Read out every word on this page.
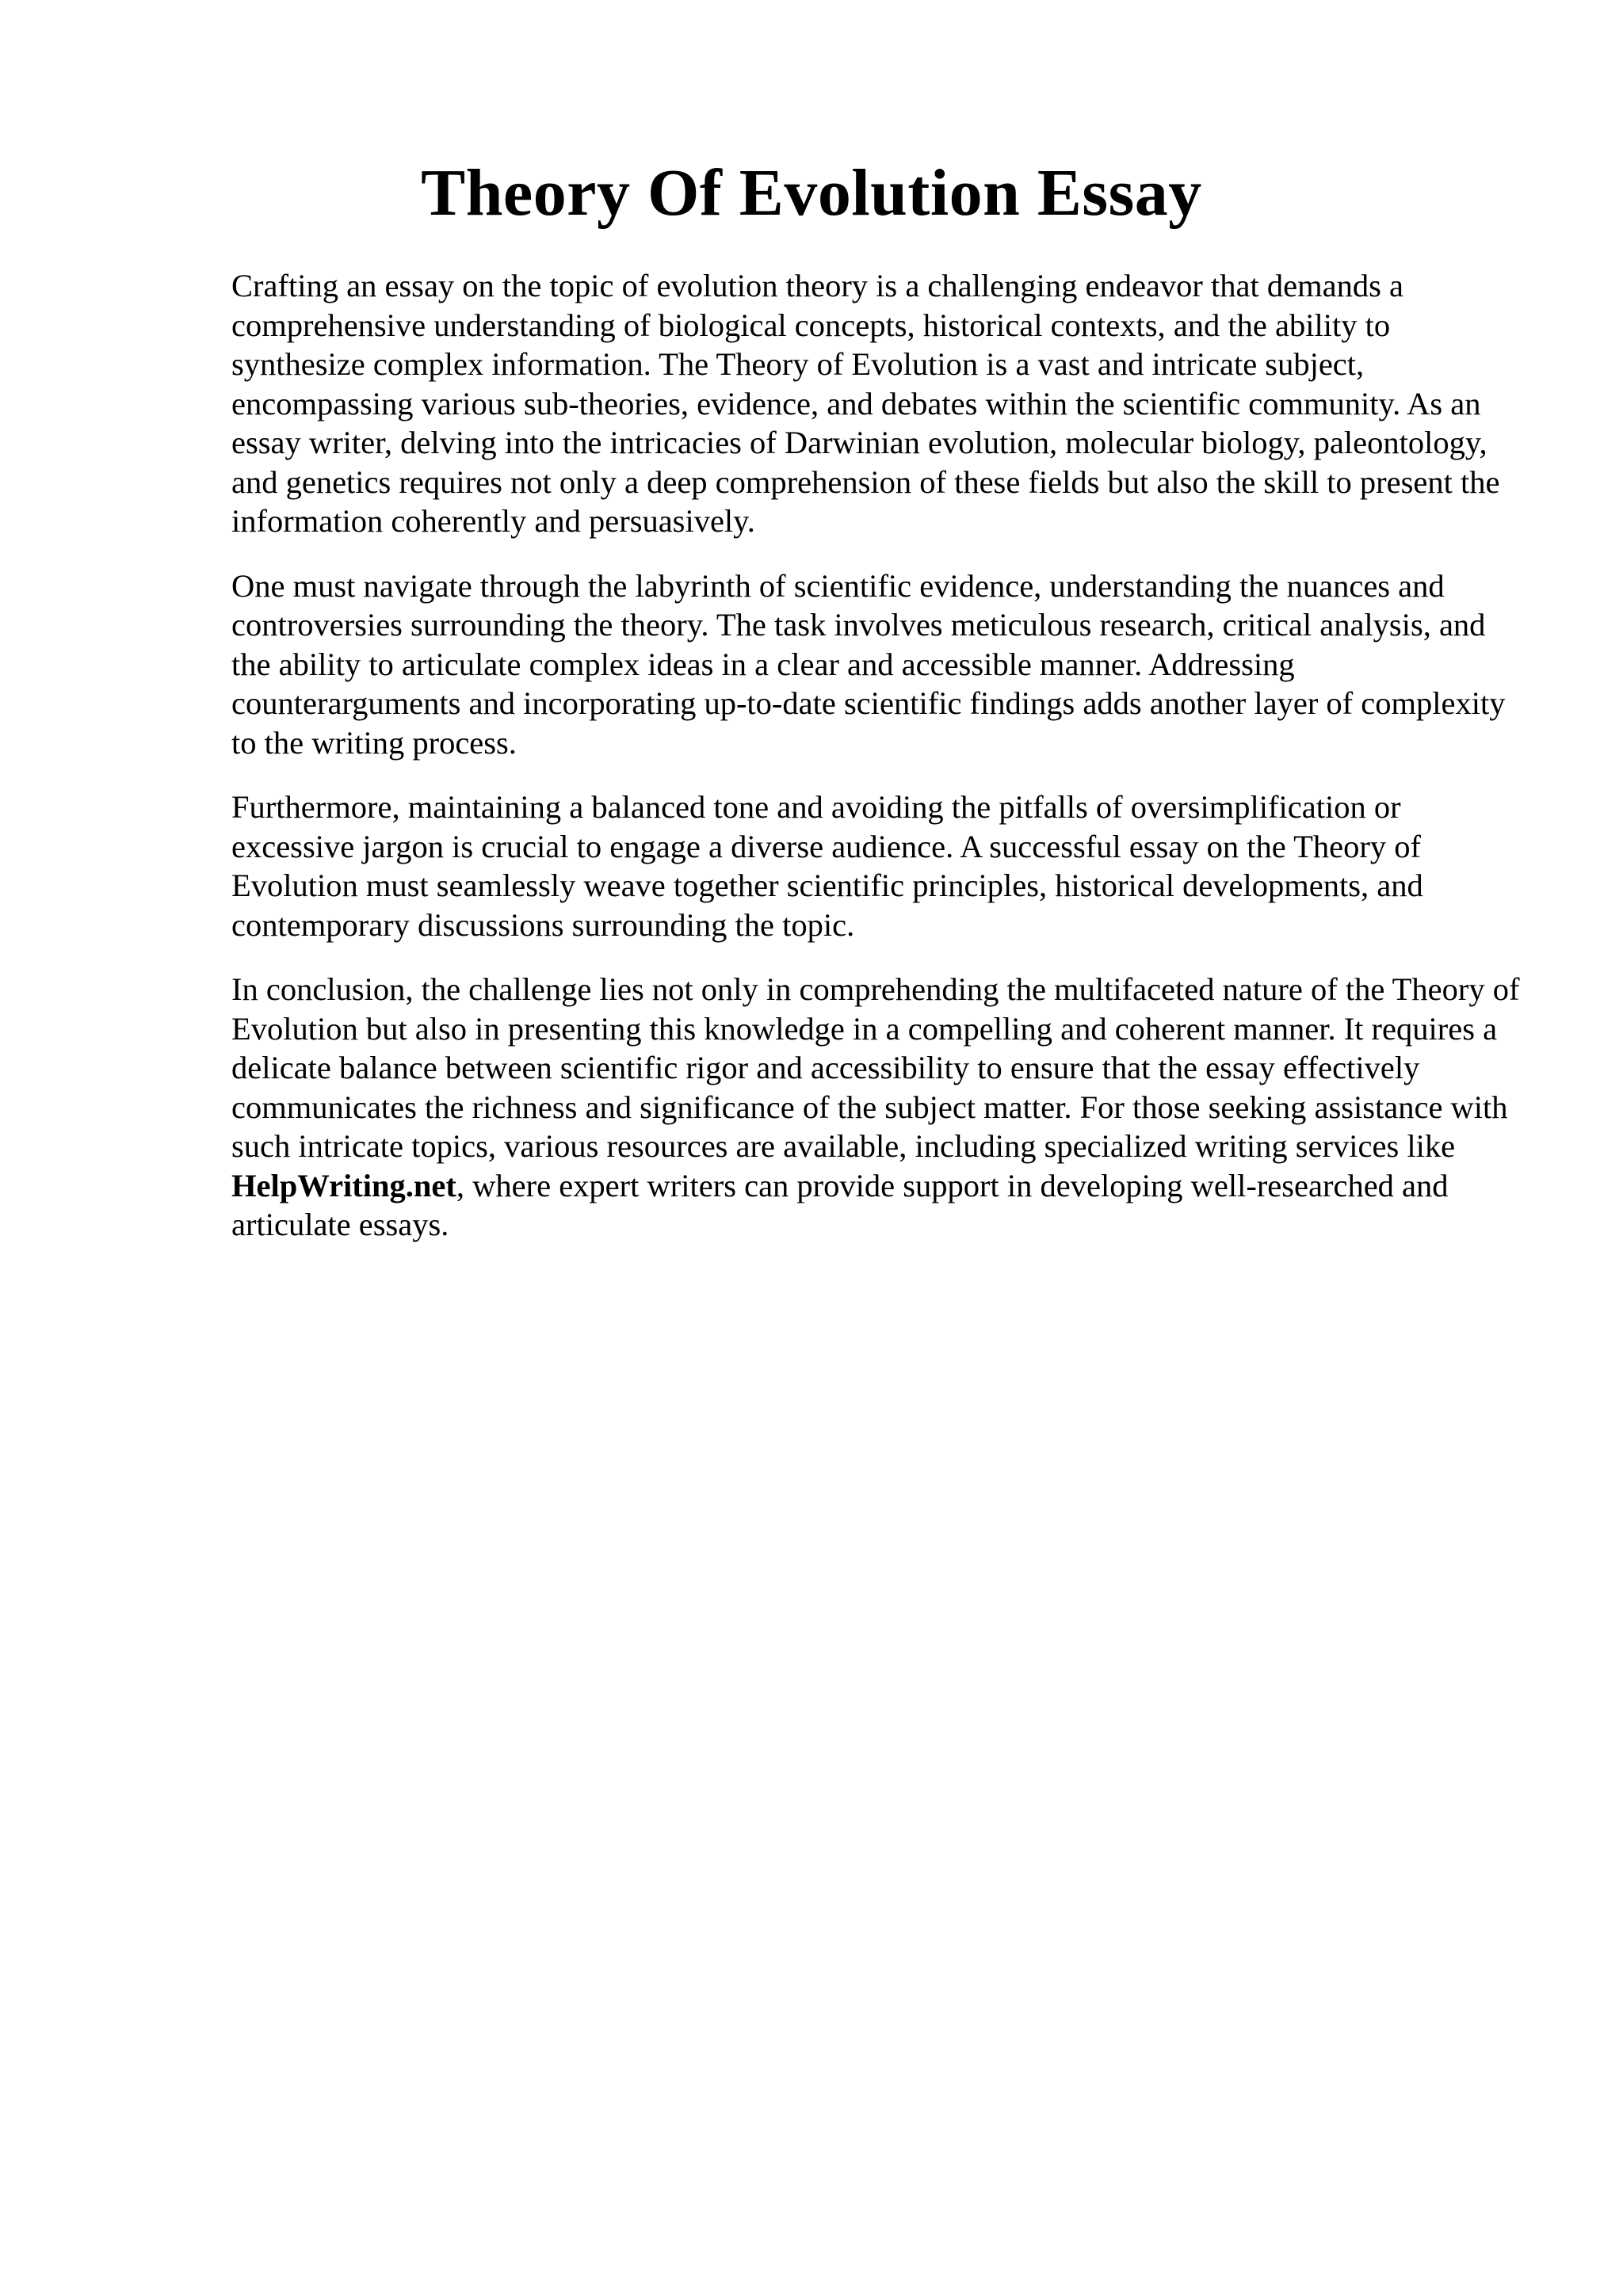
Theory Of Evolution Essay

Crafting an essay on the topic of evolution theory is a challenging endeavor that demands a comprehensive understanding of biological concepts, historical contexts, and the ability to synthesize complex information. The Theory of Evolution is a vast and intricate subject, encompassing various sub-theories, evidence, and debates within the scientific community. As an essay writer, delving into the intricacies of Darwinian evolution, molecular biology, paleontology, and genetics requires not only a deep comprehension of these fields but also the skill to present the information coherently and persuasively.

One must navigate through the labyrinth of scientific evidence, understanding the nuances and controversies surrounding the theory. The task involves meticulous research, critical analysis, and the ability to articulate complex ideas in a clear and accessible manner. Addressing counterarguments and incorporating up-to-date scientific findings adds another layer of complexity to the writing process.

Furthermore, maintaining a balanced tone and avoiding the pitfalls of oversimplification or excessive jargon is crucial to engage a diverse audience. A successful essay on the Theory of Evolution must seamlessly weave together scientific principles, historical developments, and contemporary discussions surrounding the topic.

In conclusion, the challenge lies not only in comprehending the multifaceted nature of the Theory of Evolution but also in presenting this knowledge in a compelling and coherent manner. It requires a delicate balance between scientific rigor and accessibility to ensure that the essay effectively communicates the richness and significance of the subject matter. For those seeking assistance with such intricate topics, various resources are available, including specialized writing services like HelpWriting.net, where expert writers can provide support in developing well-researched and articulate essays.
